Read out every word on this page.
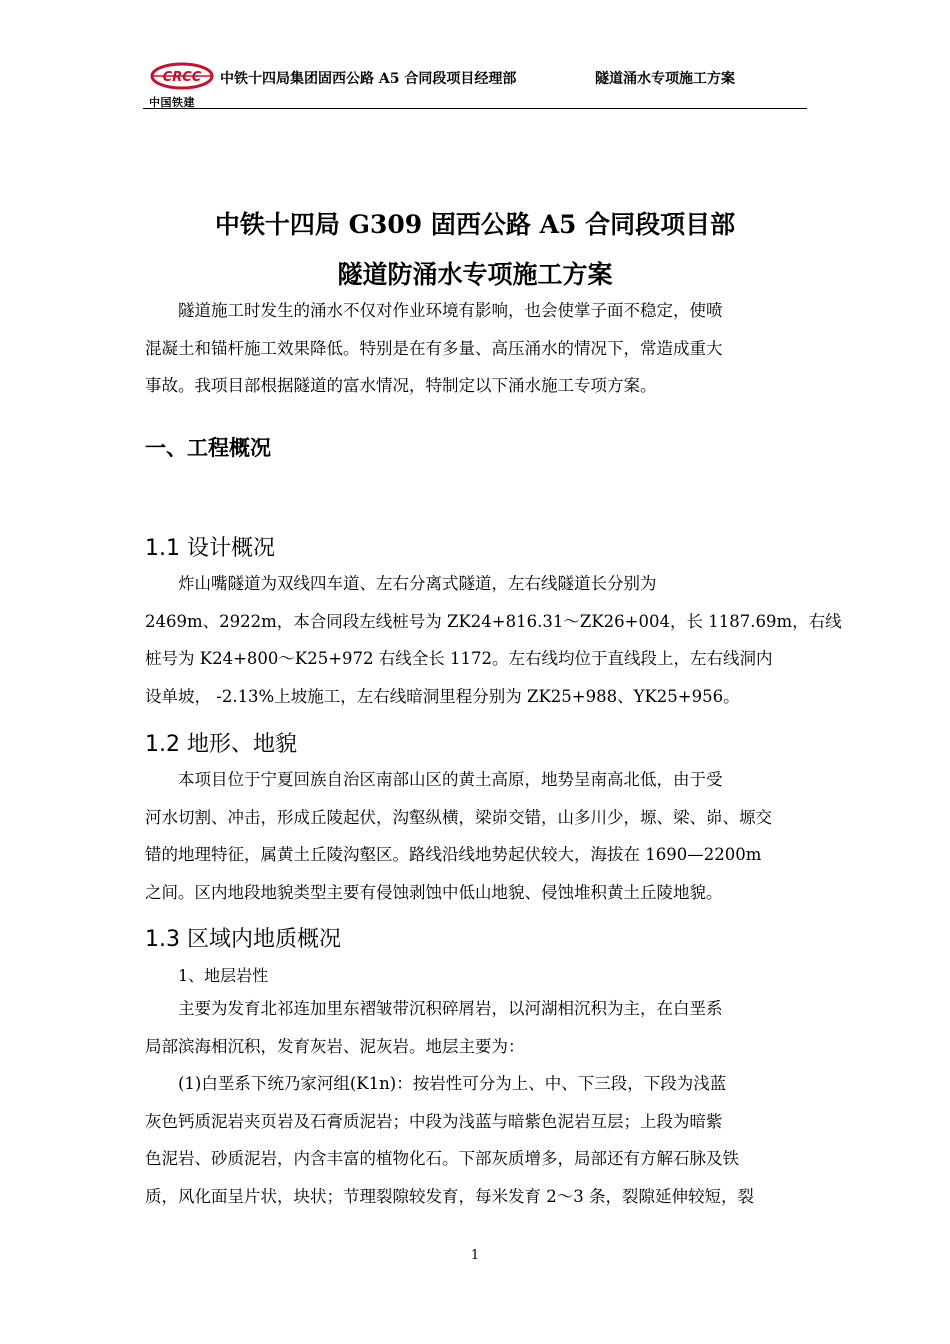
CRCC
中国铁建
中铁十四局集团固西公路 A5 合同段项目经理部	隧道涌水专项施工方案
中铁十四局 G309 固西公路 A5 合同段项目部
隧道防涌水专项施工方案
　　隧道施工时发生的涌水不仅对作业环境有影响，也会使掌子面不稳定，使喷
混凝土和锚杆施工效果降低。特别是在有多量、高压涌水的情况下，常造成重大
事故。我项目部根据隧道的富水情况，特制定以下涌水施工专项方案。
一、工程概况
1.1 设计概况
　　炸山嘴隧道为双线四车道、左右分离式隧道，左右线隧道长分别为
2469m、2922m，本合同段左线桩号为 ZK24+816.31～ZK26+004，长 1187.69m，右线
桩号为 K24+800～K25+972 右线全长 1172。左右线均位于直线段上，左右线洞内
设单坡， -2.13%上坡施工，左右线暗洞里程分别为 ZK25+988、YK25+956。
1.2 地形、地貌
　　本项目位于宁夏回族自治区南部山区的黄土高原，地势呈南高北低，由于受
河水切割、冲击，形成丘陵起伏，沟壑纵横，梁峁交错，山多川少，塬、梁、峁、塬交
错的地理特征，属黄土丘陵沟壑区。路线沿线地势起伏较大，海拔在 1690—2200m
之间。区内地段地貌类型主要有侵蚀剥蚀中低山地貌、侵蚀堆积黄土丘陵地貌。
1.3 区域内地质概况
1、地层岩性
　　主要为发育北祁连加里东褶皱带沉积碎屑岩，以河湖相沉积为主，在白垩系
局部滨海相沉积，发育灰岩、泥灰岩。地层主要为：
　　(1)白垩系下统乃家河组(K1n)：按岩性可分为上、中、下三段，下段为浅蓝
灰色钙质泥岩夹页岩及石膏质泥岩；中段为浅蓝与暗紫色泥岩互层；上段为暗紫
色泥岩、砂质泥岩，内含丰富的植物化石。下部灰质增多，局部还有方解石脉及铁
质，风化面呈片状，块状；节理裂隙较发育，每米发育 2～3 条，裂隙延伸较短，裂
1
